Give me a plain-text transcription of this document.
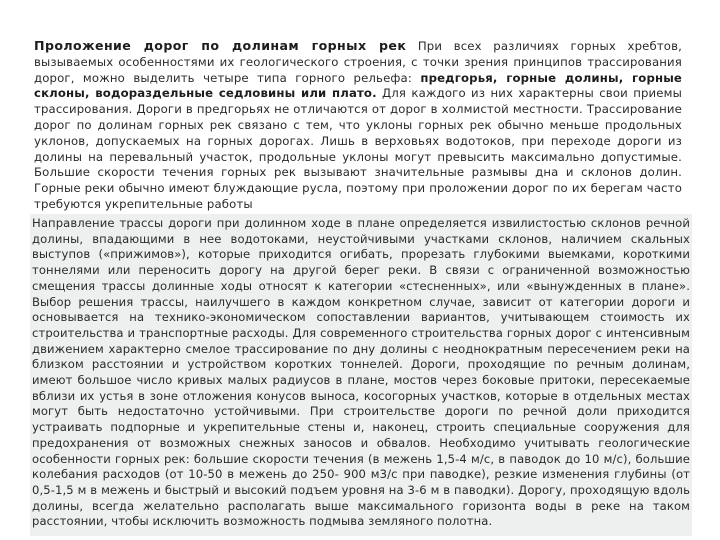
Проложение дорог по долинам горных рек При всех различиях горных хребтов, вызываемых особенностями их геологического строения, с точки зрения принципов трассирования дорог, можно выделить четыре типа горного рельефа: предгорья, горные долины, горные склоны, водораздельные седловины или плато. Для каждого из них характерны свои приемы трассирования. Дороги в предгорьях не отличаются от дорог в холмистой местности. Трассирование дорог по долинам горных рек связано с тем, что уклоны горных рек обычно меньше продольных уклонов, допускаемых на горных дорогах. Лишь в верховьях водотоков, при переходе дороги из долины на перевальный участок, продольные уклоны могут превысить максимально допустимые. Большие скорости течения горных рек вызывают значительные размывы дна и склонов долин. Горные реки обычно имеют блуждающие русла, поэтому при проложении дорог по их берегам часто требуются укрепительные работы

Направление трассы дороги при долинном ходе в плане определяется извилистостью склонов речной долины, впадающими в нее водотоками, неустойчивыми участками склонов, наличием скальных выступов («прижимов»), которые приходится огибать, прорезать глубокими выемками, короткими тоннелями или переносить дорогу на другой берег реки. В связи с ограниченной возможностью смещения трассы долинные ходы относят к категории «стесненных», или «вынужденных в плане». Выбор решения трассы, наилучшего в каждом конкретном случае, зависит от категории дороги и основывается на технико-экономическом сопоставлении вариантов, учитывающем стоимость их строительства и транспортные расходы. Для современного строительства горных дорог с интенсивным движением характерно смелое трассирование по дну долины с неоднократным пересечением реки на близком расстоянии и устройством коротких тоннелей. Дороги, проходящие по речным долинам, имеют большое число кривых малых радиусов в плане, мостов через боковые притоки, пересекаемые вблизи их устья в зоне отложения конусов выноса, косогорных участков, которые в отдельных местах могут быть недостаточно устойчивыми. При строительстве дороги по речной доли приходится устраивать подпорные и укрепительные стены и, наконец, строить специальные сооружения для предохранения от возможных снежных заносов и обвалов. Необходимо учитывать геологические особенности горных рек: большие скорости течения (в межень 1,5-4 м/с, в паводок до 10 м/с), большие колебания расходов (от 10-50 в межень до 250- 900 м3/с при паводке), резкие изменения глубины (от 0,5-1,5 м в межень и быстрый и высокий подъем уровня на 3-6 м в паводки). Дорогу, проходящую вдоль долины, всегда желательно располагать выше максимального горизонта воды в реке на таком расстоянии, чтобы исключить возможность подмыва земляного полотна.
